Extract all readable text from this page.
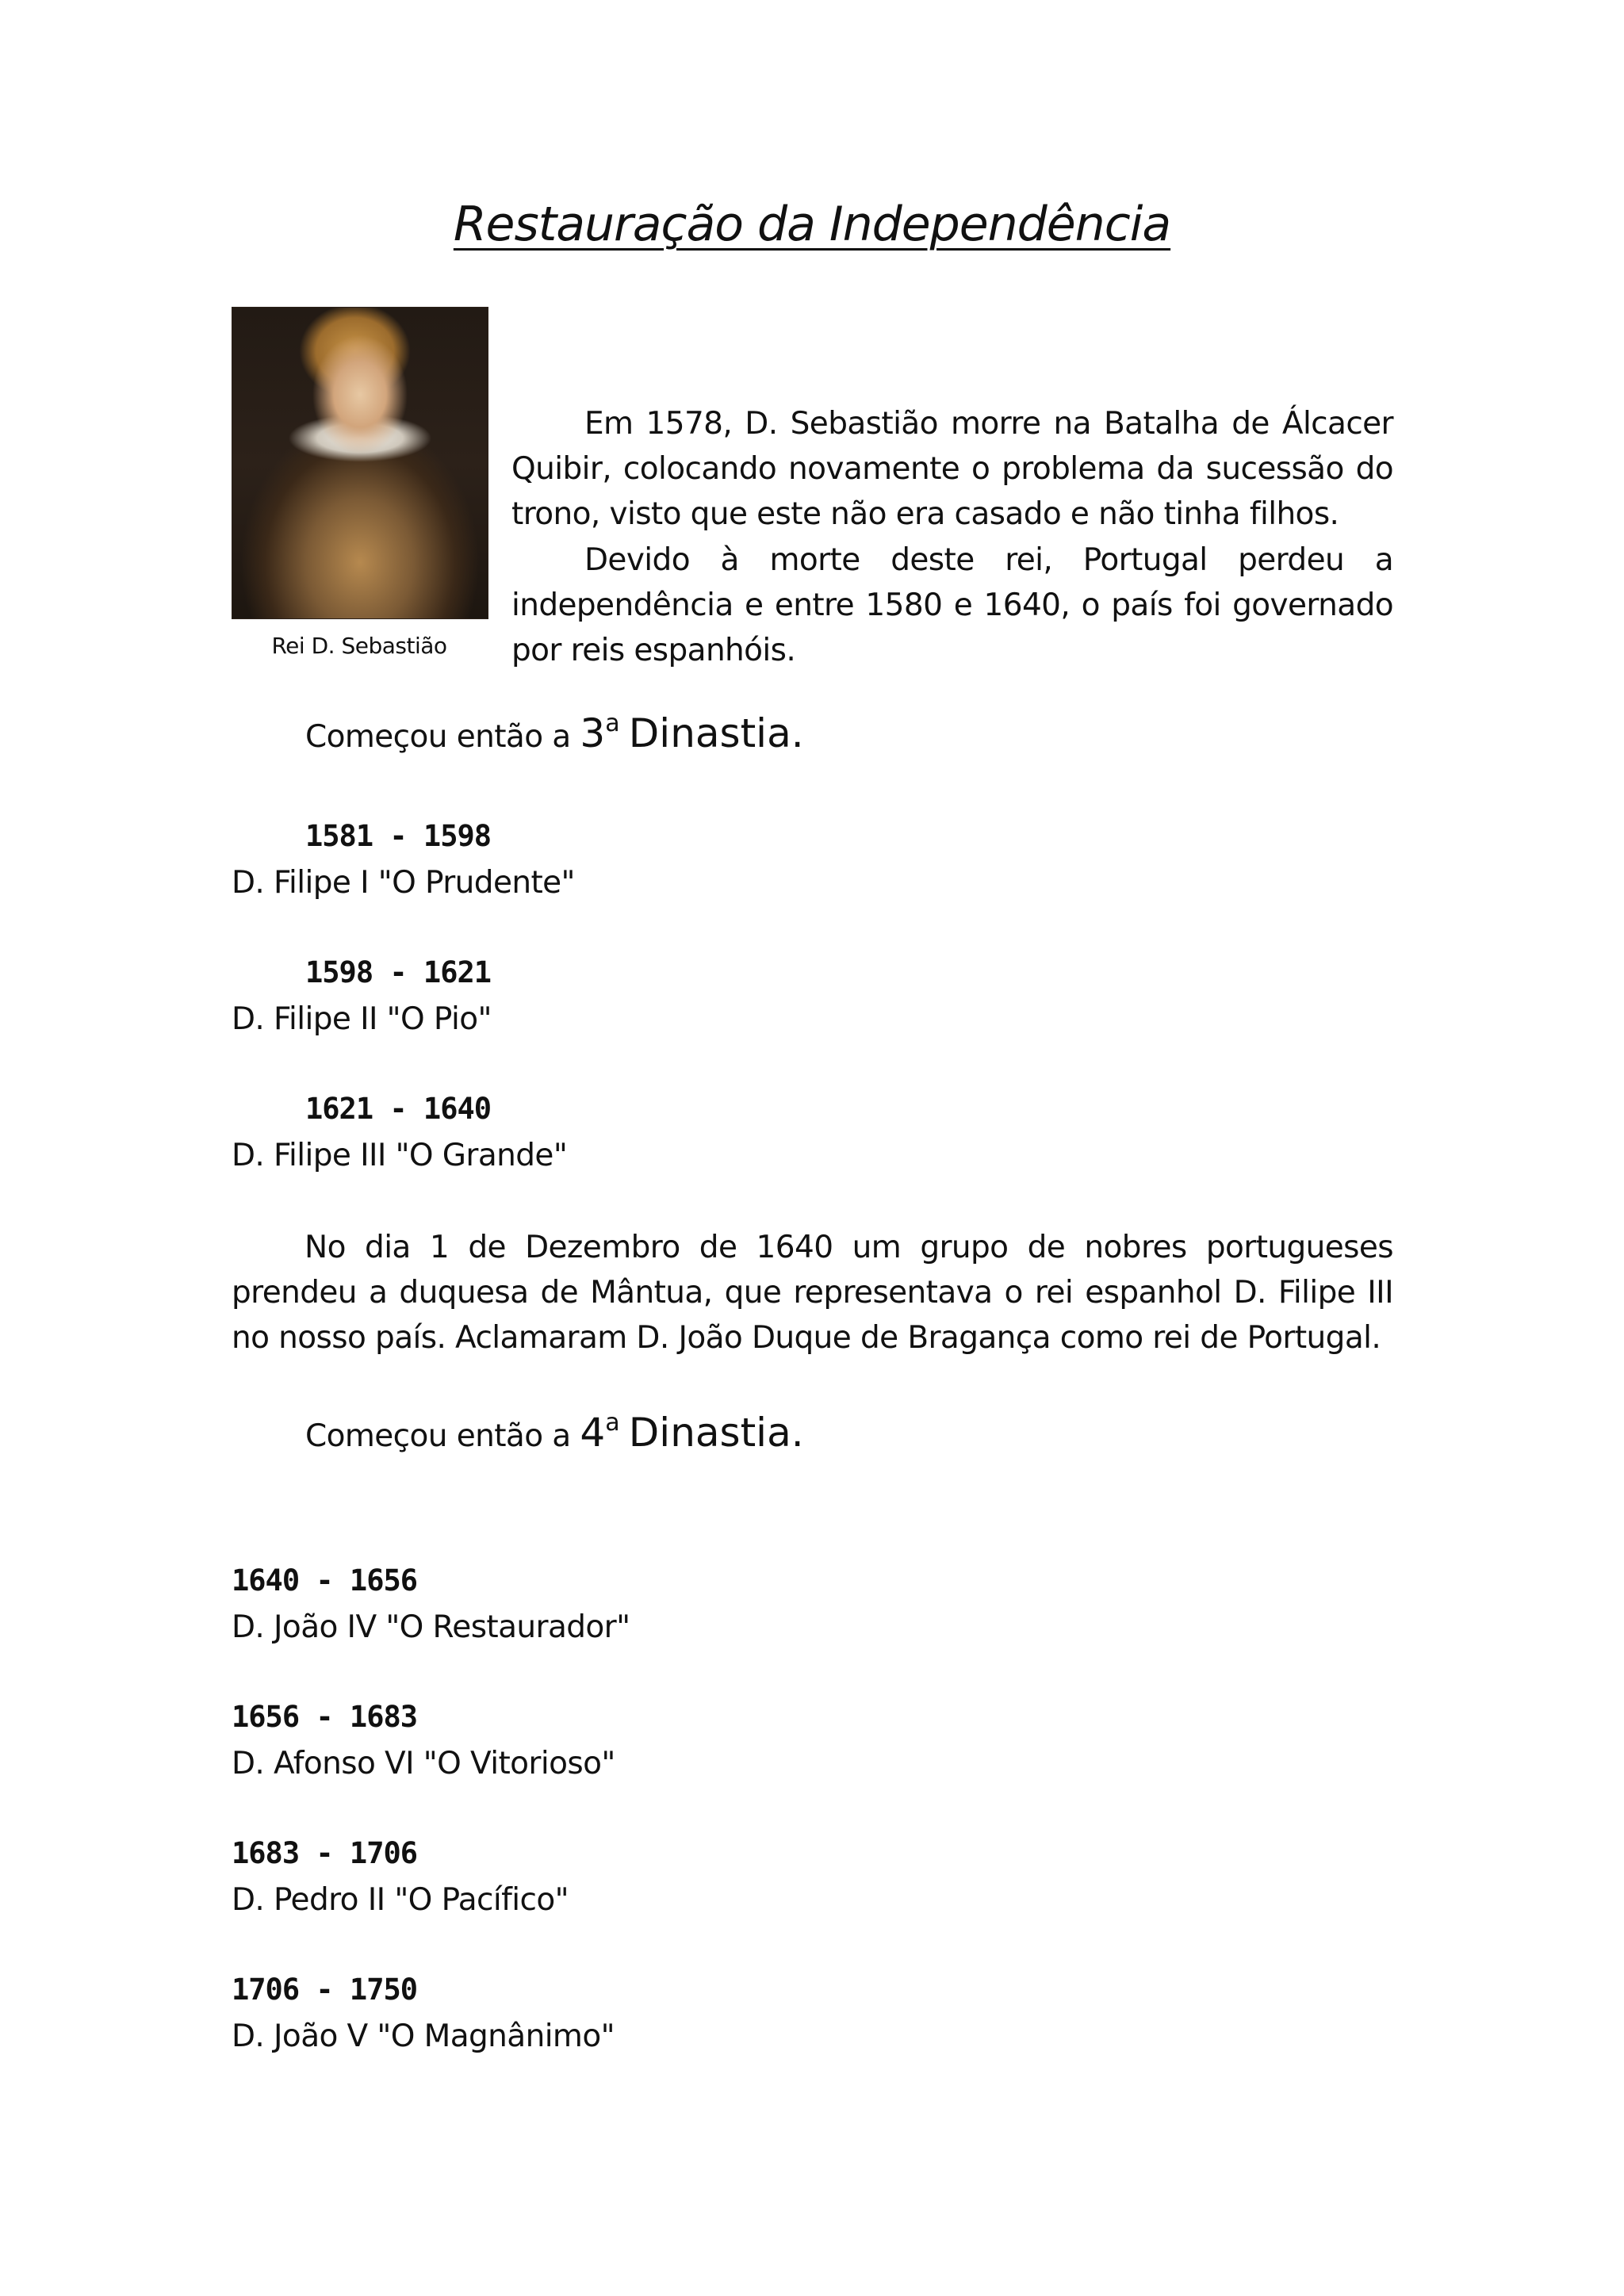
Restauração da Independência
Rei D. Sebastião
Em 1578, D. Sebastião morre na Batalha de Álcacer Quibir, colocando novamente o problema da sucessão do trono, visto que este não era casado e não tinha filhos.
Devido à morte deste rei, Portugal perdeu a independência e entre 1580 e 1640, o país foi governado por reis espanhóis.
Começou então a 3$^a$ Dinastia.
1581 - 1598
D. Filipe I "O Prudente"
1598 - 1621
D. Filipe II "O Pio"
1621 - 1640
D. Filipe III "O Grande"
No dia 1 de Dezembro de 1640 um grupo de nobres portugueses prendeu a duquesa de Mântua, que representava o rei espanhol D. Filipe III no nosso país. Aclamaram D. João Duque de Bragança como rei de Portugal.
Começou então a 4$^a$ Dinastia.
1640 - 1656
D. João IV "O Restaurador"
1656 - 1683
D. Afonso VI "O Vitorioso"
1683 - 1706
D. Pedro II "O Pacífico"
1706 - 1750
D. João V "O Magnânimo"
